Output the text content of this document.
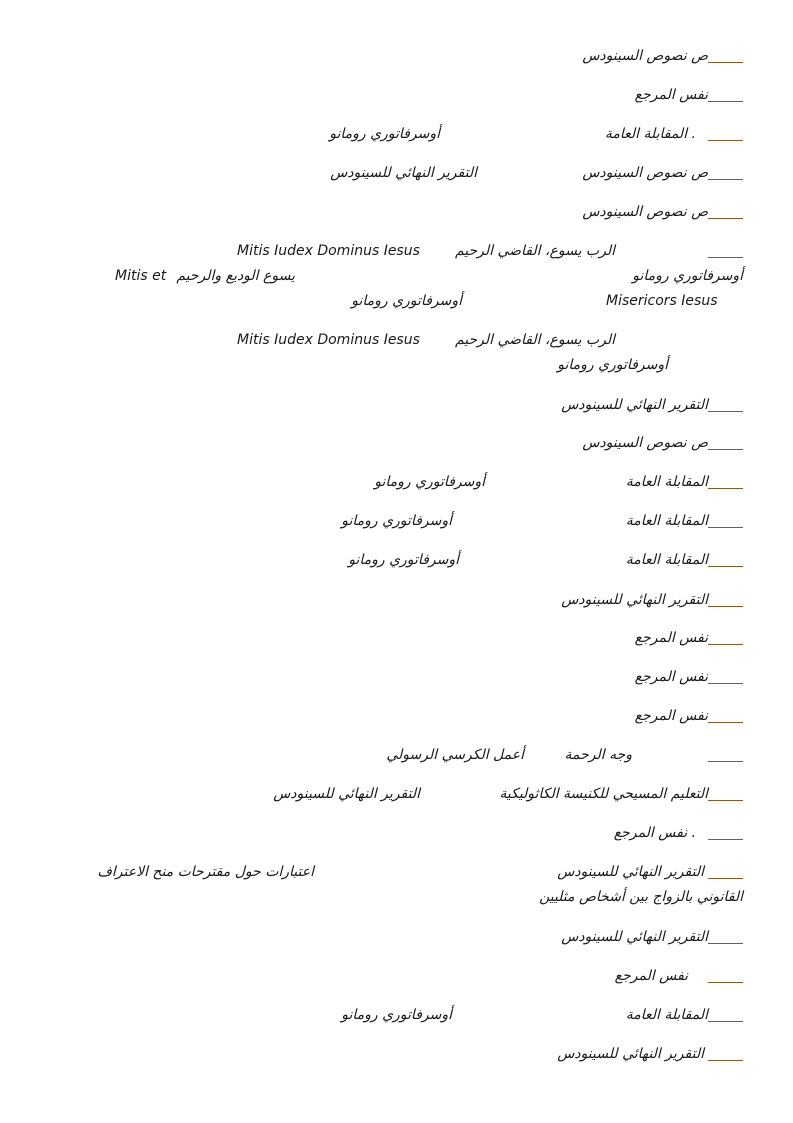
ص نصوص السينودس
نفس المرجع
. المقابلة العامة
أوسرفاتوري رومانو
ص نصوص السينودس
التقرير النهائي للسينودس
ص نصوص السينودس
الرب يسوع، القاضي الرحيم
Mitis Iudex Dominus Iesus
أوسرفاتوري رومانو
يسوع الوديع والرحيم
Mitis et
Misericors Iesus
أوسرفاتوري رومانو
الرب يسوع، القاضي الرحيم
Mitis Iudex Dominus Iesus
أوسرفاتوري رومانو
التقرير النهائي للسينودس
ص نصوص السينودس
المقابلة العامة
أوسرفاتوري رومانو
المقابلة العامة
أوسرفاتوري رومانو
المقابلة العامة
أوسرفاتوري رومانو
التقرير النهائي للسينودس
نفس المرجع
نفس المرجع
نفس المرجع
وجه الرحمة
أعمل الكرسي الرسولي
التعليم المسيحي للكنيسة الكاثوليكية
التقرير النهائي للسينودس
. نفس المرجع
التقرير النهائي للسينودس
اعتبارات حول مقترحات منح الاعتراف
القانوني بالزواج بين أشخاص مثليين
التقرير النهائي للسينودس
نفس المرجع
المقابلة العامة
أوسرفاتوري رومانو
التقرير النهائي للسينودس
